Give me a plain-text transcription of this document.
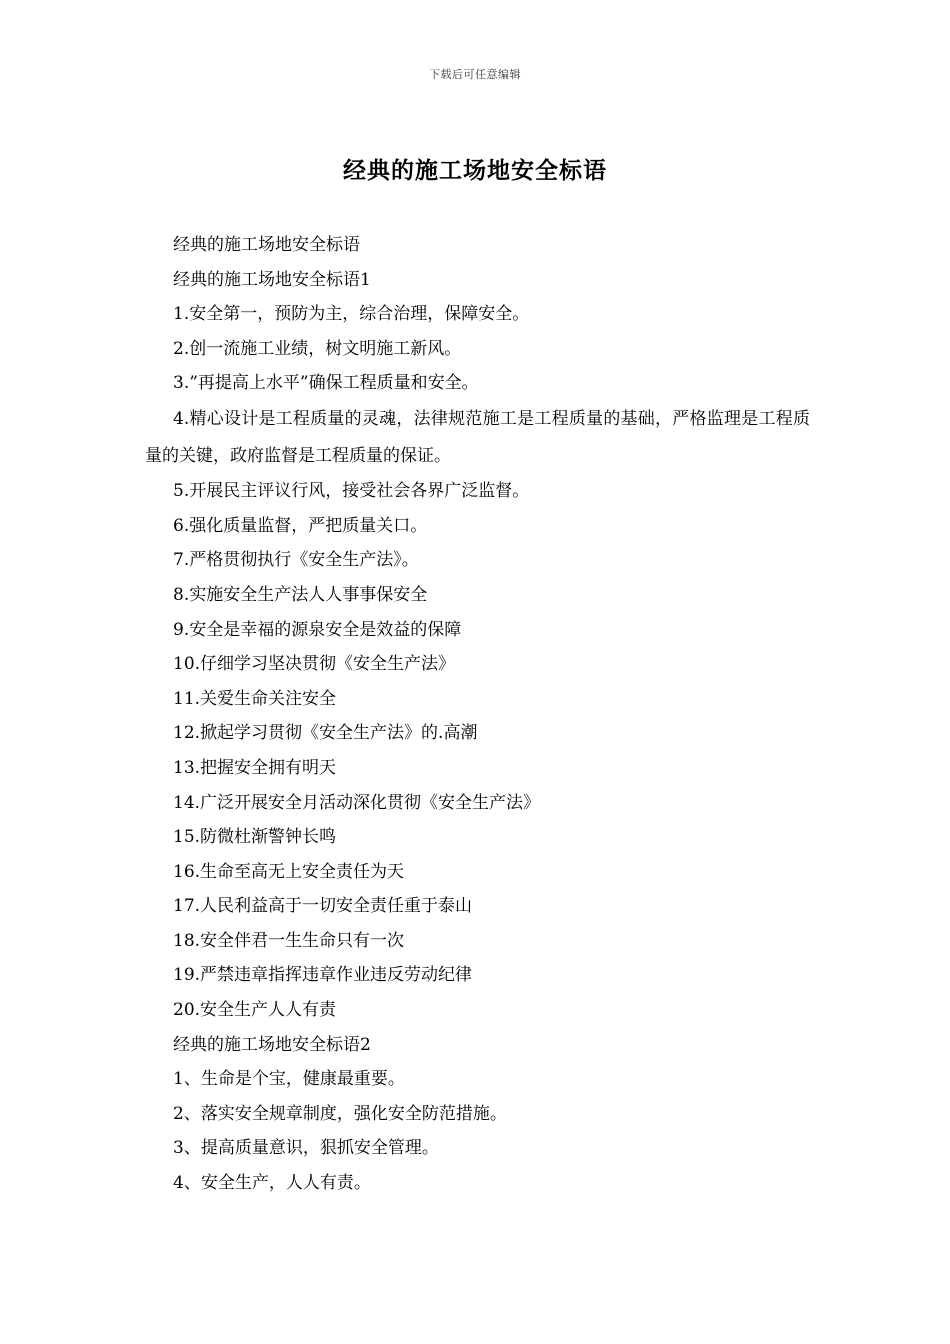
下载后可任意编辑
经典的施工场地安全标语
经典的施工场地安全标语
经典的施工场地安全标语1
1.安全第一，预防为主，综合治理，保障安全。
2.创一流施工业绩，树文明施工新风。
3.”再提高上水平”确保工程质量和安全。
4.精心设计是工程质量的灵魂，法律规范施工是工程质量的基础，严格监理是工程质量的关键，政府监督是工程质量的保证。
5.开展民主评议行风，接受社会各界广泛监督。
6.强化质量监督，严把质量关口。
7.严格贯彻执行《安全生产法》。
8.实施安全生产法人人事事保安全
9.安全是幸福的源泉安全是效益的保障
10.仔细学习坚决贯彻《安全生产法》
11.关爱生命关注安全
12.掀起学习贯彻《安全生产法》的.高潮
13.把握安全拥有明天
14.广泛开展安全月活动深化贯彻《安全生产法》
15.防微杜渐警钟长鸣
16.生命至高无上安全责任为天
17.人民利益高于一切安全责任重于泰山
18.安全伴君一生生命只有一次
19.严禁违章指挥违章作业违反劳动纪律
20.安全生产人人有责
经典的施工场地安全标语2
1、生命是个宝，健康最重要。
2、落实安全规章制度，强化安全防范措施。
3、提高质量意识，狠抓安全管理。
4、安全生产，人人有责。
